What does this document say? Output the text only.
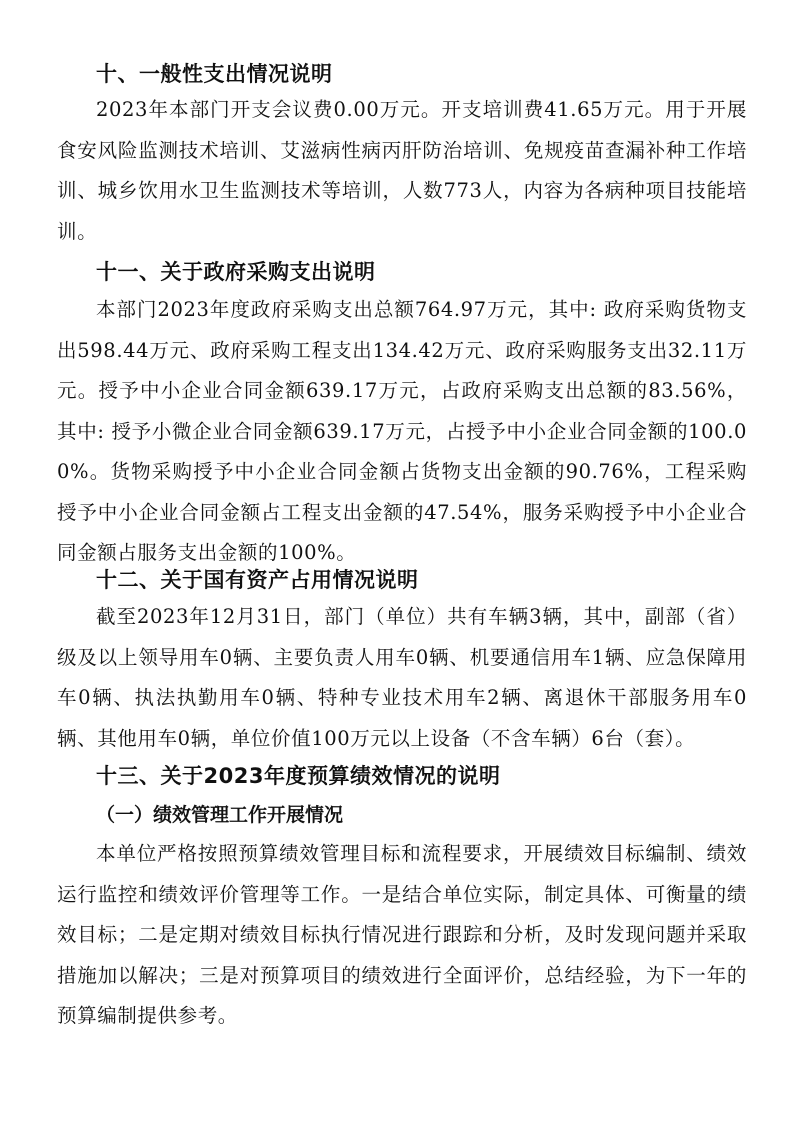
十、一般性支出情况说明

2023年本部门开支会议费0.00万元。开支培训费41.65万元。用于开展食安风险监测技术培训、艾滋病性病丙肝防治培训、免规疫苗查漏补种工作培训、城乡饮用水卫生监测技术等培训，人数773人，内容为各病种项目技能培训。

十一、关于政府采购支出说明

本部门2023年度政府采购支出总额764.97万元，其中: 政府采购货物支出598.44万元、政府采购工程支出134.42万元、政府采购服务支出32.11万元。授予中小企业合同金额639.17万元，占政府采购支出总额的83.56%，其中: 授予小微企业合同金额639.17万元，占授予中小企业合同金额的100.00%。货物采购授予中小企业合同金额占货物支出金额的90.76%，工程采购授予中小企业合同金额占工程支出金额的47.54%，服务采购授予中小企业合同金额占服务支出金额的100%。

十二、关于国有资产占用情况说明

截至2023年12月31日，部门（单位）共有车辆3辆，其中，副部（省）级及以上领导用车0辆、主要负责人用车0辆、机要通信用车1辆、应急保障用车0辆、执法执勤用车0辆、特种专业技术用车2辆、离退休干部服务用车0辆、其他用车0辆，单位价值100万元以上设备（不含车辆）6台（套）。

十三、关于2023年度预算绩效情况的说明
（一）绩效管理工作开展情况

本单位严格按照预算绩效管理目标和流程要求，开展绩效目标编制、绩效运行监控和绩效评价管理等工作。一是结合单位实际，制定具体、可衡量的绩效目标；二是定期对绩效目标执行情况进行跟踪和分析，及时发现问题并采取措施加以解决；三是对预算项目的绩效进行全面评价，总结经验，为下一年的预算编制提供参考。
